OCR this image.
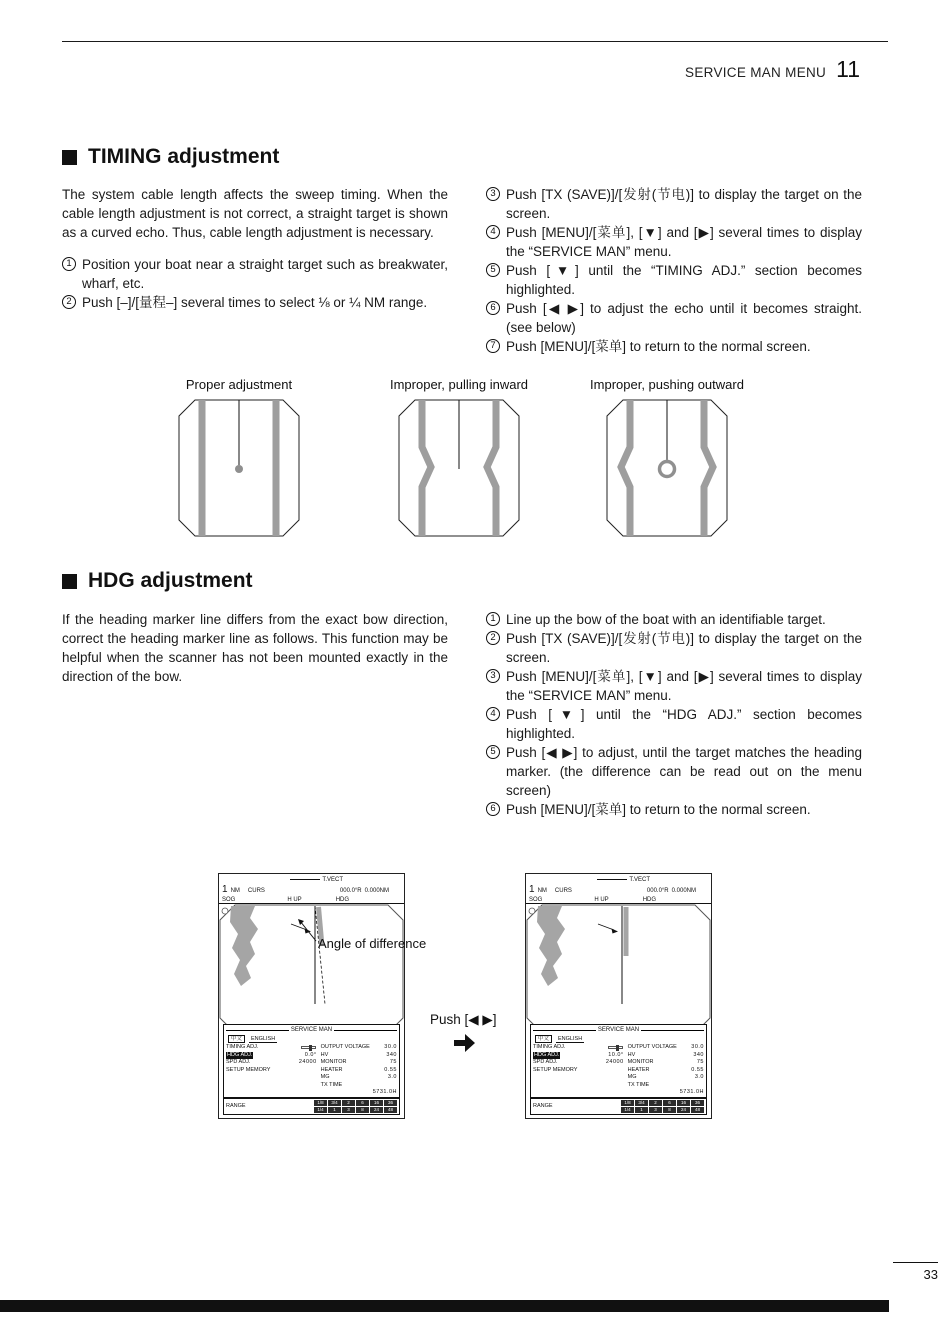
SERVICE MAN MENU 11
TIMING adjustment

The system cable length affects the sweep timing. When the cable length adjustment is not correct, a straight target is shown as a curved echo. Thus, cable length adjustment is necessary.

1 Position your boat near a straight target such as breakwater, wharf, etc.
2 Push [–]/[量程–] several times to select ⅛ or ¼ NM range.
3 Push [TX (SAVE)]/[发射(节电)] to display the target on the screen.
4 Push [MENU]/[菜单], [▼] and [▶] several times to display the “SERVICE MAN” menu.
5 Push [▼] until the “TIMING ADJ.” section becomes highlighted.
6 Push [◀ ▶] to adjust the echo until it becomes straight. (see below)
7 Push [MENU]/[菜单] to return to the normal screen.
Proper adjustment	Improper, pulling inward	Improper, pushing outward
HDG adjustment

If the heading marker line differs from the exact bow direction, correct the heading marker line as follows. This function may be helpful when the scanner has not been mounted exactly in the direction of the bow.

1 Line up the bow of the boat with an identifiable target.
2 Push [TX (SAVE)]/[发射(节电)] to display the target on the screen.
3 Push [MENU]/[菜单], [▼] and [▶] several times to display the “SERVICE MAN” menu.
4 Push [▼] until the “HDG ADJ.” section becomes highlighted.
5 Push [◀ ▶] to adjust, until the target matches the heading marker. (the difference can be read out on the menu screen)
6 Push [MENU]/[菜单] to return to the normal screen.
T.VECT
1 NM CURS	000.0°R 0.000NM
SOG	H UP	HDG
SERVICE MAN
中文	ENGLISH
TIMING ADJ.
HDG ADJ.	0.0°
SPD ADJ.	24000
SETUP MEMORY
OUTPUT VOLTAGE	30.0
HV	340
MONITOR	75
HEATER	0.55
MG	3.0
TX TIME
5731.0H
RANGE
1/8	3/4	2	6	16	36
1/4	1	3	8	24	48
T.VECT
1 NM CURS	000.0°R 0.000NM
SOG	H UP	HDG
SERVICE MAN
中文	ENGLISH
TIMING ADJ.
HDG ADJ.	10.0°
SPD ADJ.	24000
SETUP MEMORY
OUTPUT VOLTAGE	30.0
HV	340
MONITOR	75
HEATER	0.55
MG	3.0
TX TIME
5731.0H
RANGE
1/8	3/4	2	6	16	36
1/4	1	3	8	24	48
Angle of difference
Push [◀ ▶]
33
